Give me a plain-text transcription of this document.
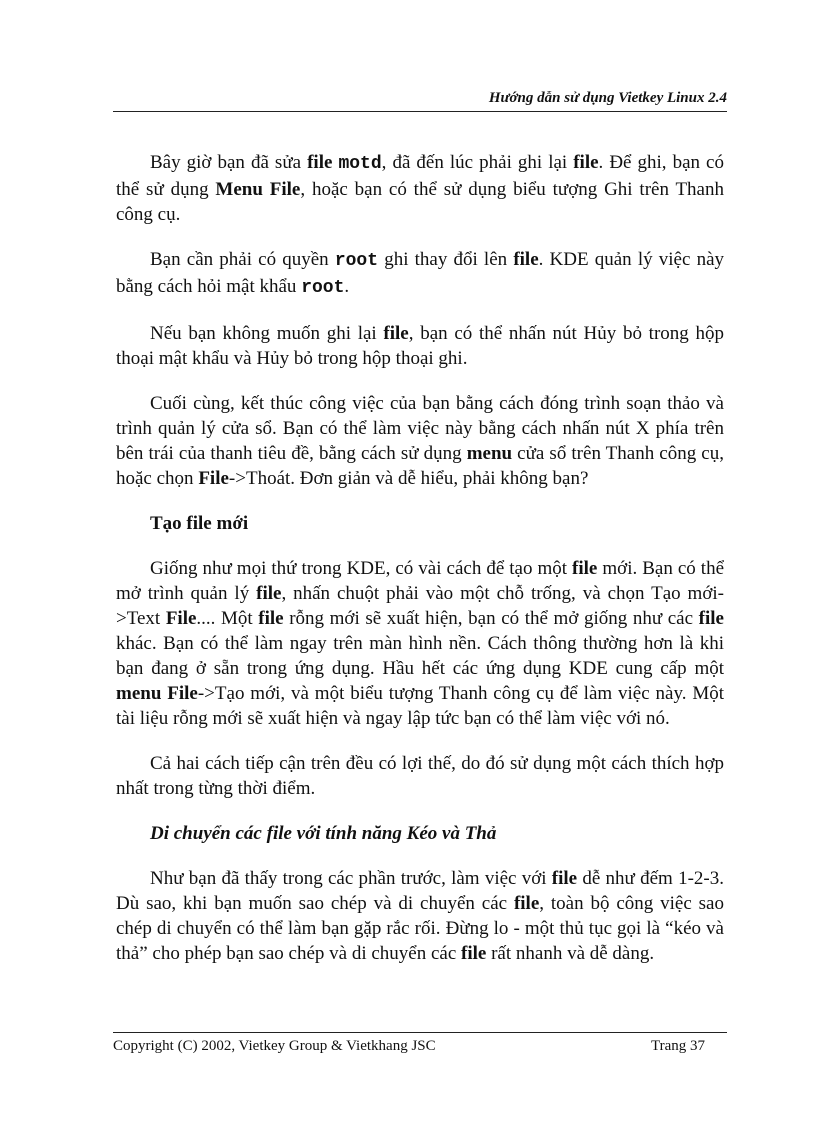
Hướng dẫn sử dụng Vietkey Linux 2.4

Bây giờ bạn đã sửa file motd, đã đến lúc phải ghi lại file. Để ghi, bạn có thể sử dụng Menu File, hoặc bạn có thể sử dụng biểu tượng Ghi trên Thanh công cụ.

Bạn cần phải có quyền root ghi thay đổi lên file. KDE quản lý việc này bằng cách hỏi mật khẩu root.

Nếu bạn không muốn ghi lại file, bạn có thể nhấn nút Hủy bỏ trong hộp thoại mật khẩu và Hủy bỏ trong hộp thoại ghi.

Cuối cùng, kết thúc công việc của bạn bằng cách đóng trình soạn thảo và trình quản lý cửa sổ. Bạn có thể làm việc này bằng cách nhấn nút X phía trên bên trái của thanh tiêu đề, bằng cách sử dụng menu cửa sổ trên Thanh công cụ, hoặc chọn File->Thoát. Đơn giản và dễ hiểu, phải không bạn?

Tạo file mới

Giống như mọi thứ trong KDE, có vài cách để tạo một file mới. Bạn có thể mở trình quản lý file, nhấn chuột phải vào một chỗ trống, và chọn Tạo mới->Text File.... Một file rỗng mới sẽ xuất hiện, bạn có thể mở giống như các file khác. Bạn có thể làm ngay trên màn hình nền. Cách thông thường hơn là khi bạn đang ở sẵn trong ứng dụng. Hầu hết các ứng dụng KDE cung cấp một menu File->Tạo mới, và một biểu tượng Thanh công cụ để làm việc này. Một tài liệu rỗng mới sẽ xuất hiện và ngay lập tức bạn có thể làm việc với nó.

Cả hai cách tiếp cận trên đều có lợi thế, do đó sử dụng một cách thích hợp nhất trong từng thời điểm.

Di chuyển các file với tính năng Kéo và Thả

Như bạn đã thấy trong các phần trước, làm việc với file dễ như đếm 1-2-3. Dù sao, khi bạn muốn sao chép và di chuyển các file, toàn bộ công việc sao chép di chuyển có thể làm bạn gặp rắc rối. Đừng lo - một thủ tục gọi là “kéo và thả” cho phép bạn sao chép và di chuyển các file rất nhanh và dễ dàng.

Copyright (C) 2002, Vietkey Group & Vietkhang JSC	Trang 37
